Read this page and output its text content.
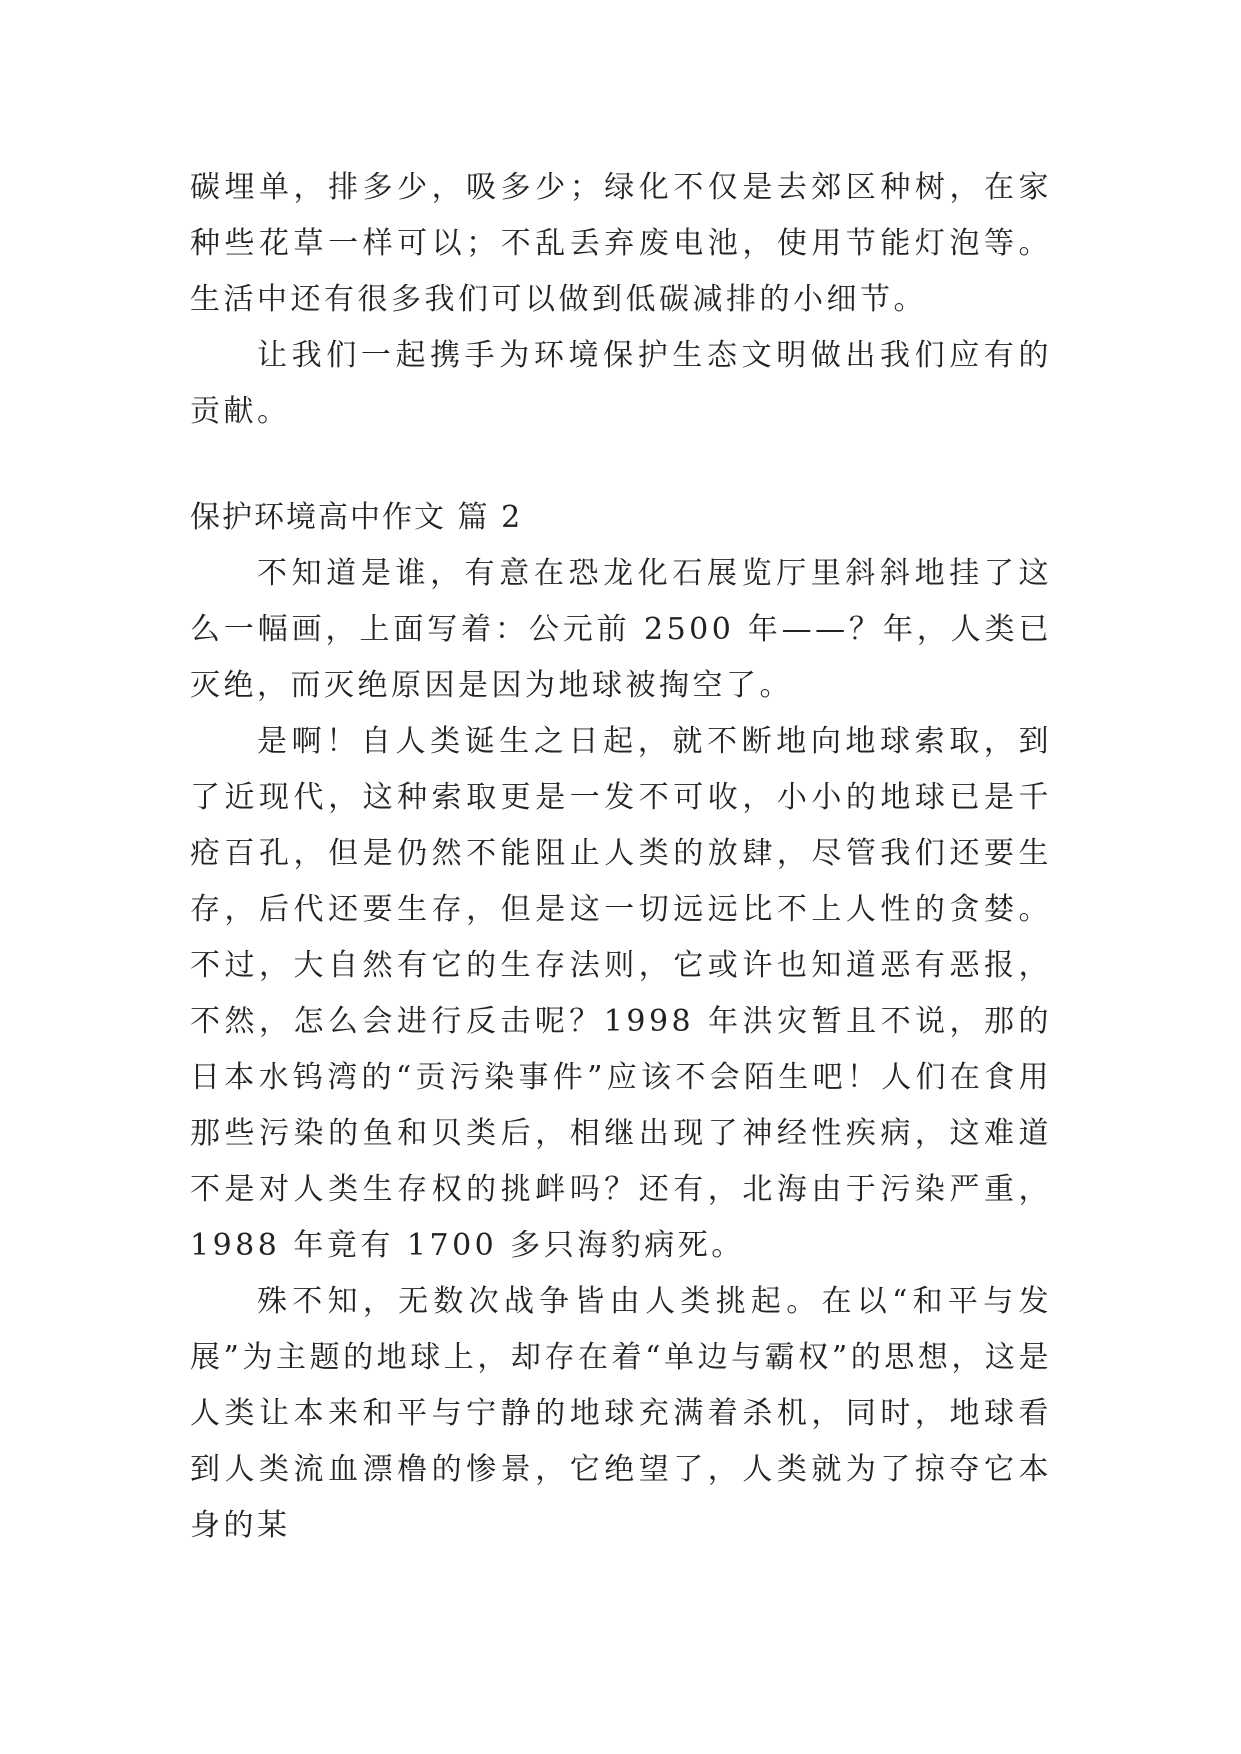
碳埋单，排多少，吸多少；绿化不仅是去郊区种树，在家种些花草一样可以；不乱丢弃废电池，使用节能灯泡等。生活中还有很多我们可以做到低碳减排的小细节。

让我们一起携手为环境保护生态文明做出我们应有的贡献。

保护环境高中作文 篇 2

不知道是谁，有意在恐龙化石展览厅里斜斜地挂了这么一幅画，上面写着：公元前 2500 年——？年，人类已灭绝，而灭绝原因是因为地球被掏空了。

是啊！自人类诞生之日起，就不断地向地球索取，到了近现代，这种索取更是一发不可收，小小的地球已是千疮百孔，但是仍然不能阻止人类的放肆，尽管我们还要生存，后代还要生存，但是这一切远远比不上人性的贪婪。不过，大自然有它的生存法则，它或许也知道恶有恶报，不然，怎么会进行反击呢？1998 年洪灾暂且不说，那的日本水钨湾的“贡污染事件”应该不会陌生吧！人们在食用那些污染的鱼和贝类后，相继出现了神经性疾病，这难道不是对人类生存权的挑衅吗？还有，北海由于污染严重，1988 年竟有 1700 多只海豹病死。

殊不知，无数次战争皆由人类挑起。在以“和平与发展”为主题的地球上，却存在着“单边与霸权”的思想，这是人类让本来和平与宁静的地球充满着杀机，同时，地球看到人类流血漂橹的惨景，它绝望了，人类就为了掠夺它本身的某
